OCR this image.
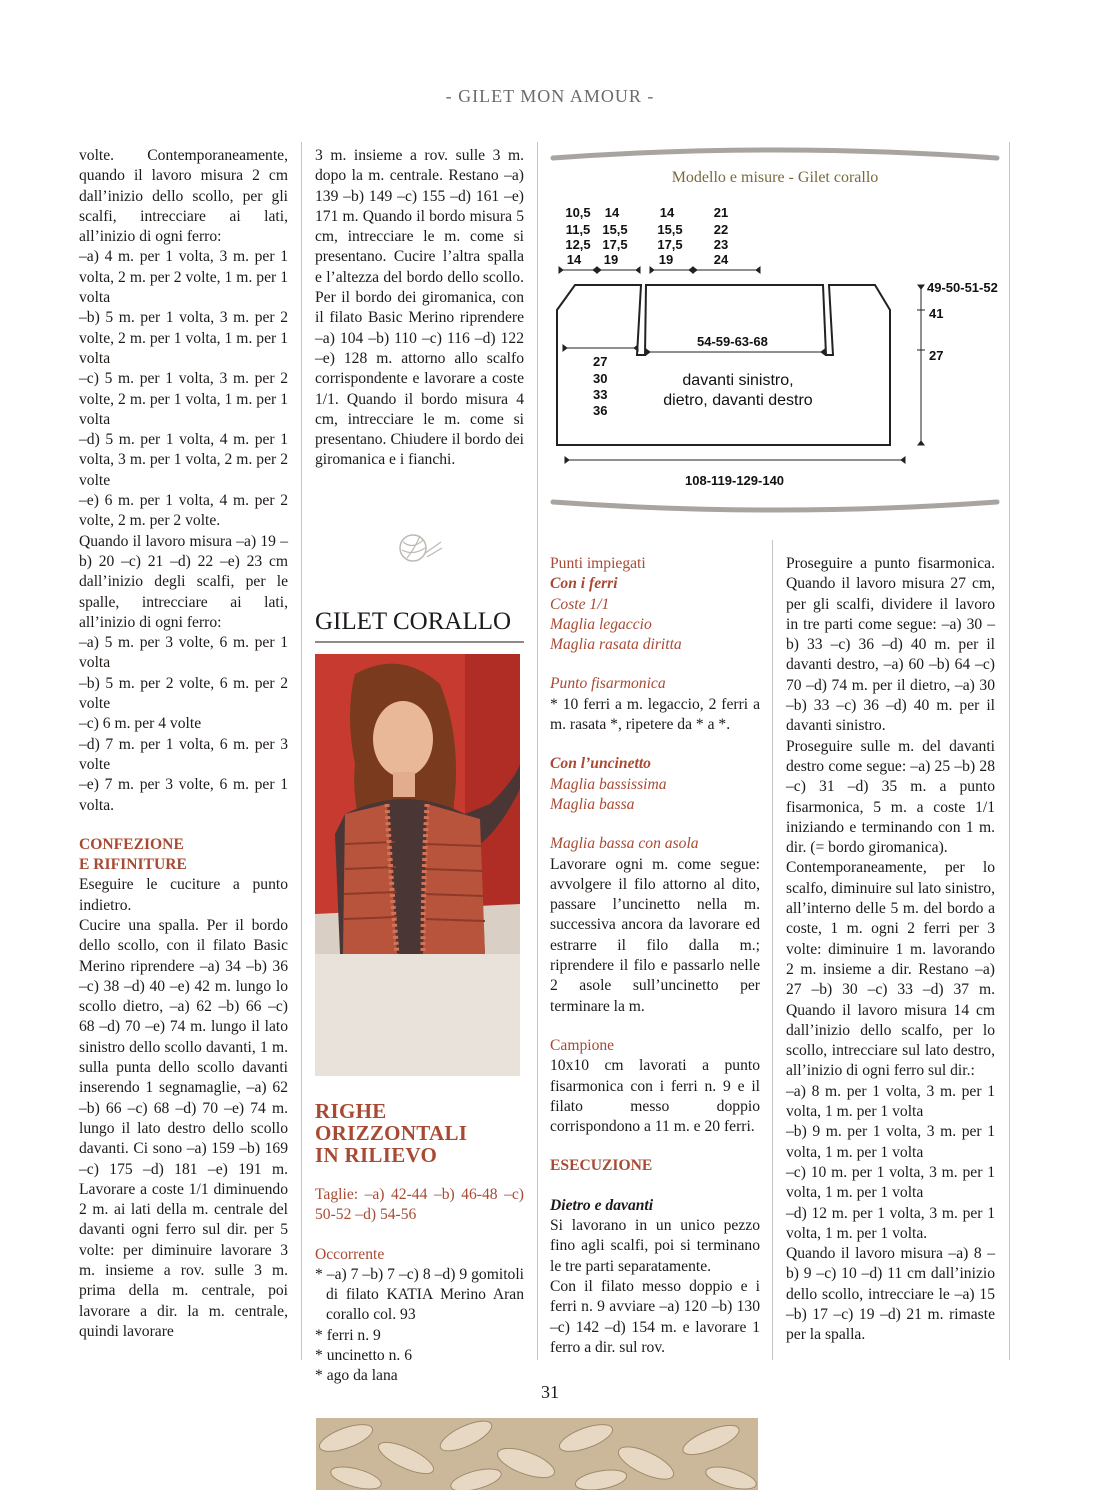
- GILET MON AMOUR -

volte. Contemporaneamente, quando il lavoro misura 2 cm dall’inizio dello scollo, per gli scalfi, intrecciare ai lati, all’inizio di ogni ferro:

–a) 4 m. per 1 volta, 3 m. per 1 volta, 2 m. per 2 volte, 1 m. per 1 volta

–b) 5 m. per 1 volta, 3 m. per 2 volte, 2 m. per 1 volta, 1 m. per 1 volta

–c) 5 m. per 1 volta, 3 m. per 2 volte, 2 m. per 1 volta, 1 m. per 1 volta

–d) 5 m. per 1 volta, 4 m. per 1 volta, 3 m. per 1 volta, 2 m. per 2 volte

–e) 6 m. per 1 volta, 4 m. per 2 volte, 2 m. per 2 volte.

Quando il lavoro misura –a) 19 –b) 20 –c) 21 –d) 22 –e) 23 cm dall’inizio degli scalfi, per le spalle, intrecciare ai lati, all’inizio di ogni ferro:

–a) 5 m. per 3 volte, 6 m. per 1 volta

–b) 5 m. per 2 volte, 6 m. per 2 volte

–c) 6 m. per 4 volte

–d) 7 m. per 1 volta, 6 m. per 3 volte

–e) 7 m. per 3 volte, 6 m. per 1 volta.

CONFEZIONE

E RIFINITURE

Eseguire le cuciture a punto indietro.

Cucire una spalla. Per il bordo dello scollo, con il filato Basic Merino riprendere –a) 34 –b) 36 –c) 38 –d) 40 –e) 42 m. lungo lo scollo dietro, –a) 62 –b) 66 –c) 68 –d) 70 –e) 74 m. lungo il lato sinistro dello scollo davanti, 1 m. sulla punta dello scollo davanti inserendo 1 segnamaglie, –a) 62 –b) 66 –c) 68 –d) 70 –e) 74 m. lungo il lato destro dello scollo davanti. Ci sono –a) 159 –b) 169 –c) 175 –d) 181 –e) 191 m. Lavorare a coste 1/1 diminuendo 2 m. ai lati della m. centrale del davanti ogni ferro sul dir. per 5 volte: per diminuire lavorare 3 m. insieme a rov. sulle 3 m. prima della m. centrale, poi lavorare a dir. la m. centrale, quindi lavorare

3 m. insieme a rov. sulle 3 m. dopo la m. centrale. Restano –a) 139 –b) 149 –c) 155 –d) 161 –e) 171 m. Quando il bordo misura 5 cm, intrecciare le m. come si presentano. Cucire l’altra spalla e l’altezza del bordo dello scollo. Per il bordo dei giromanica, con il filato Basic Merino riprendere –a) 104 –b) 110 –c) 116 –d) 122 –e) 128 m. attorno allo scalfo corrispondente e lavorare a coste 1/1. Quando il bordo misura 4 cm, intrecciare le m. come si presentano. Chiudere il bordo dei giromanica e i fianchi.

GILET CORALLO

RIGHE ORIZZONTALI

IN RILIEVO

Taglie: –a) 42-44 –b) 46-48 –c) 50-52 –d) 54-56

Occorrente

* –a) 7 –b) 7 –c) 8 –d) 9 gomitoli di filato KATIA Merino Aran corallo col. 93

* ferri n. 9

* uncinetto n. 6

* ago da lana

Modello e misure - Gilet corallo
10,5
11,5
12,5
14
14
15,5
17,5
19
14
15,5
17,5
19
21
22
23
24
49-50-51-52
41
27
27
30
33
36
54-59-63-68
108-119-129-140
davanti sinistro,
dietro, davanti destro

Punti impiegati

Con i ferri

Coste 1/1

Maglia legaccio

Maglia rasata diritta

Punto fisarmonica

* 10 ferri a m. legaccio, 2 ferri a m. rasata *, ripetere da * a *.

Con l’uncinetto

Maglia bassissima

Maglia bassa

Maglia bassa con asola

Lavorare ogni m. come segue: avvolgere il filo attorno al dito, passare l’uncinetto nella m. successiva ancora da lavorare ed estrarre il filo dalla m.; riprendere il filo e passarlo nelle 2 asole sull’uncinetto per terminare la m.

Campione

10x10 cm lavorati a punto fisarmonica con i ferri n. 9 e il filato messo doppio corrispondono a 11 m. e 20 ferri.

ESECUZIONE

Dietro e davanti

Si lavorano in un unico pezzo fino agli scalfi, poi si terminano le tre parti separatamente.

Con il filato messo doppio e i ferri n. 9 avviare –a) 120 –b) 130 –c) 142 –d) 154 m. e lavorare 1 ferro a dir. sul rov.

Proseguire a punto fisarmonica. Quando il lavoro misura 27 cm, per gli scalfi, dividere il lavoro in tre parti come segue: –a) 30 –b) 33 –c) 36 –d) 40 m. per il davanti destro, –a) 60 –b) 64 –c) 70 –d) 74 m. per il dietro, –a) 30 –b) 33 –c) 36 –d) 40 m. per il davanti sinistro.

Proseguire sulle m. del davanti destro come segue: –a) 25 –b) 28 –c) 31 –d) 35 m. a punto fisarmonica, 5 m. a coste 1/1 iniziando e terminando con 1 m. dir. (= bordo giromanica).

Contemporaneamente, per lo scalfo, diminuire sul lato sinistro, all’interno delle 5 m. del bordo a coste, 1 m. ogni 2 ferri per 3 volte: diminuire 1 m. lavorando 2 m. insieme a dir. Restano –a) 27 –b) 30 –c) 33 –d) 37 m. Quando il lavoro misura 14 cm dall’inizio dello scalfo, per lo scollo, intrecciare sul lato destro, all’inizio di ogni ferro sul dir.:

–a) 8 m. per 1 volta, 3 m. per 1 volta, 1 m. per 1 volta

–b) 9 m. per 1 volta, 3 m. per 1 volta, 1 m. per 1 volta

–c) 10 m. per 1 volta, 3 m. per 1 volta, 1 m. per 1 volta

–d) 12 m. per 1 volta, 3 m. per 1 volta, 1 m. per 1 volta.

Quando il lavoro misura –a) 8 –b) 9 –c) 10 –d) 11 cm dall’inizio dello scollo, intrecciare le –a) 15 –b) 17 –c) 19 –d) 21 m. rimaste per la spalla.

31
